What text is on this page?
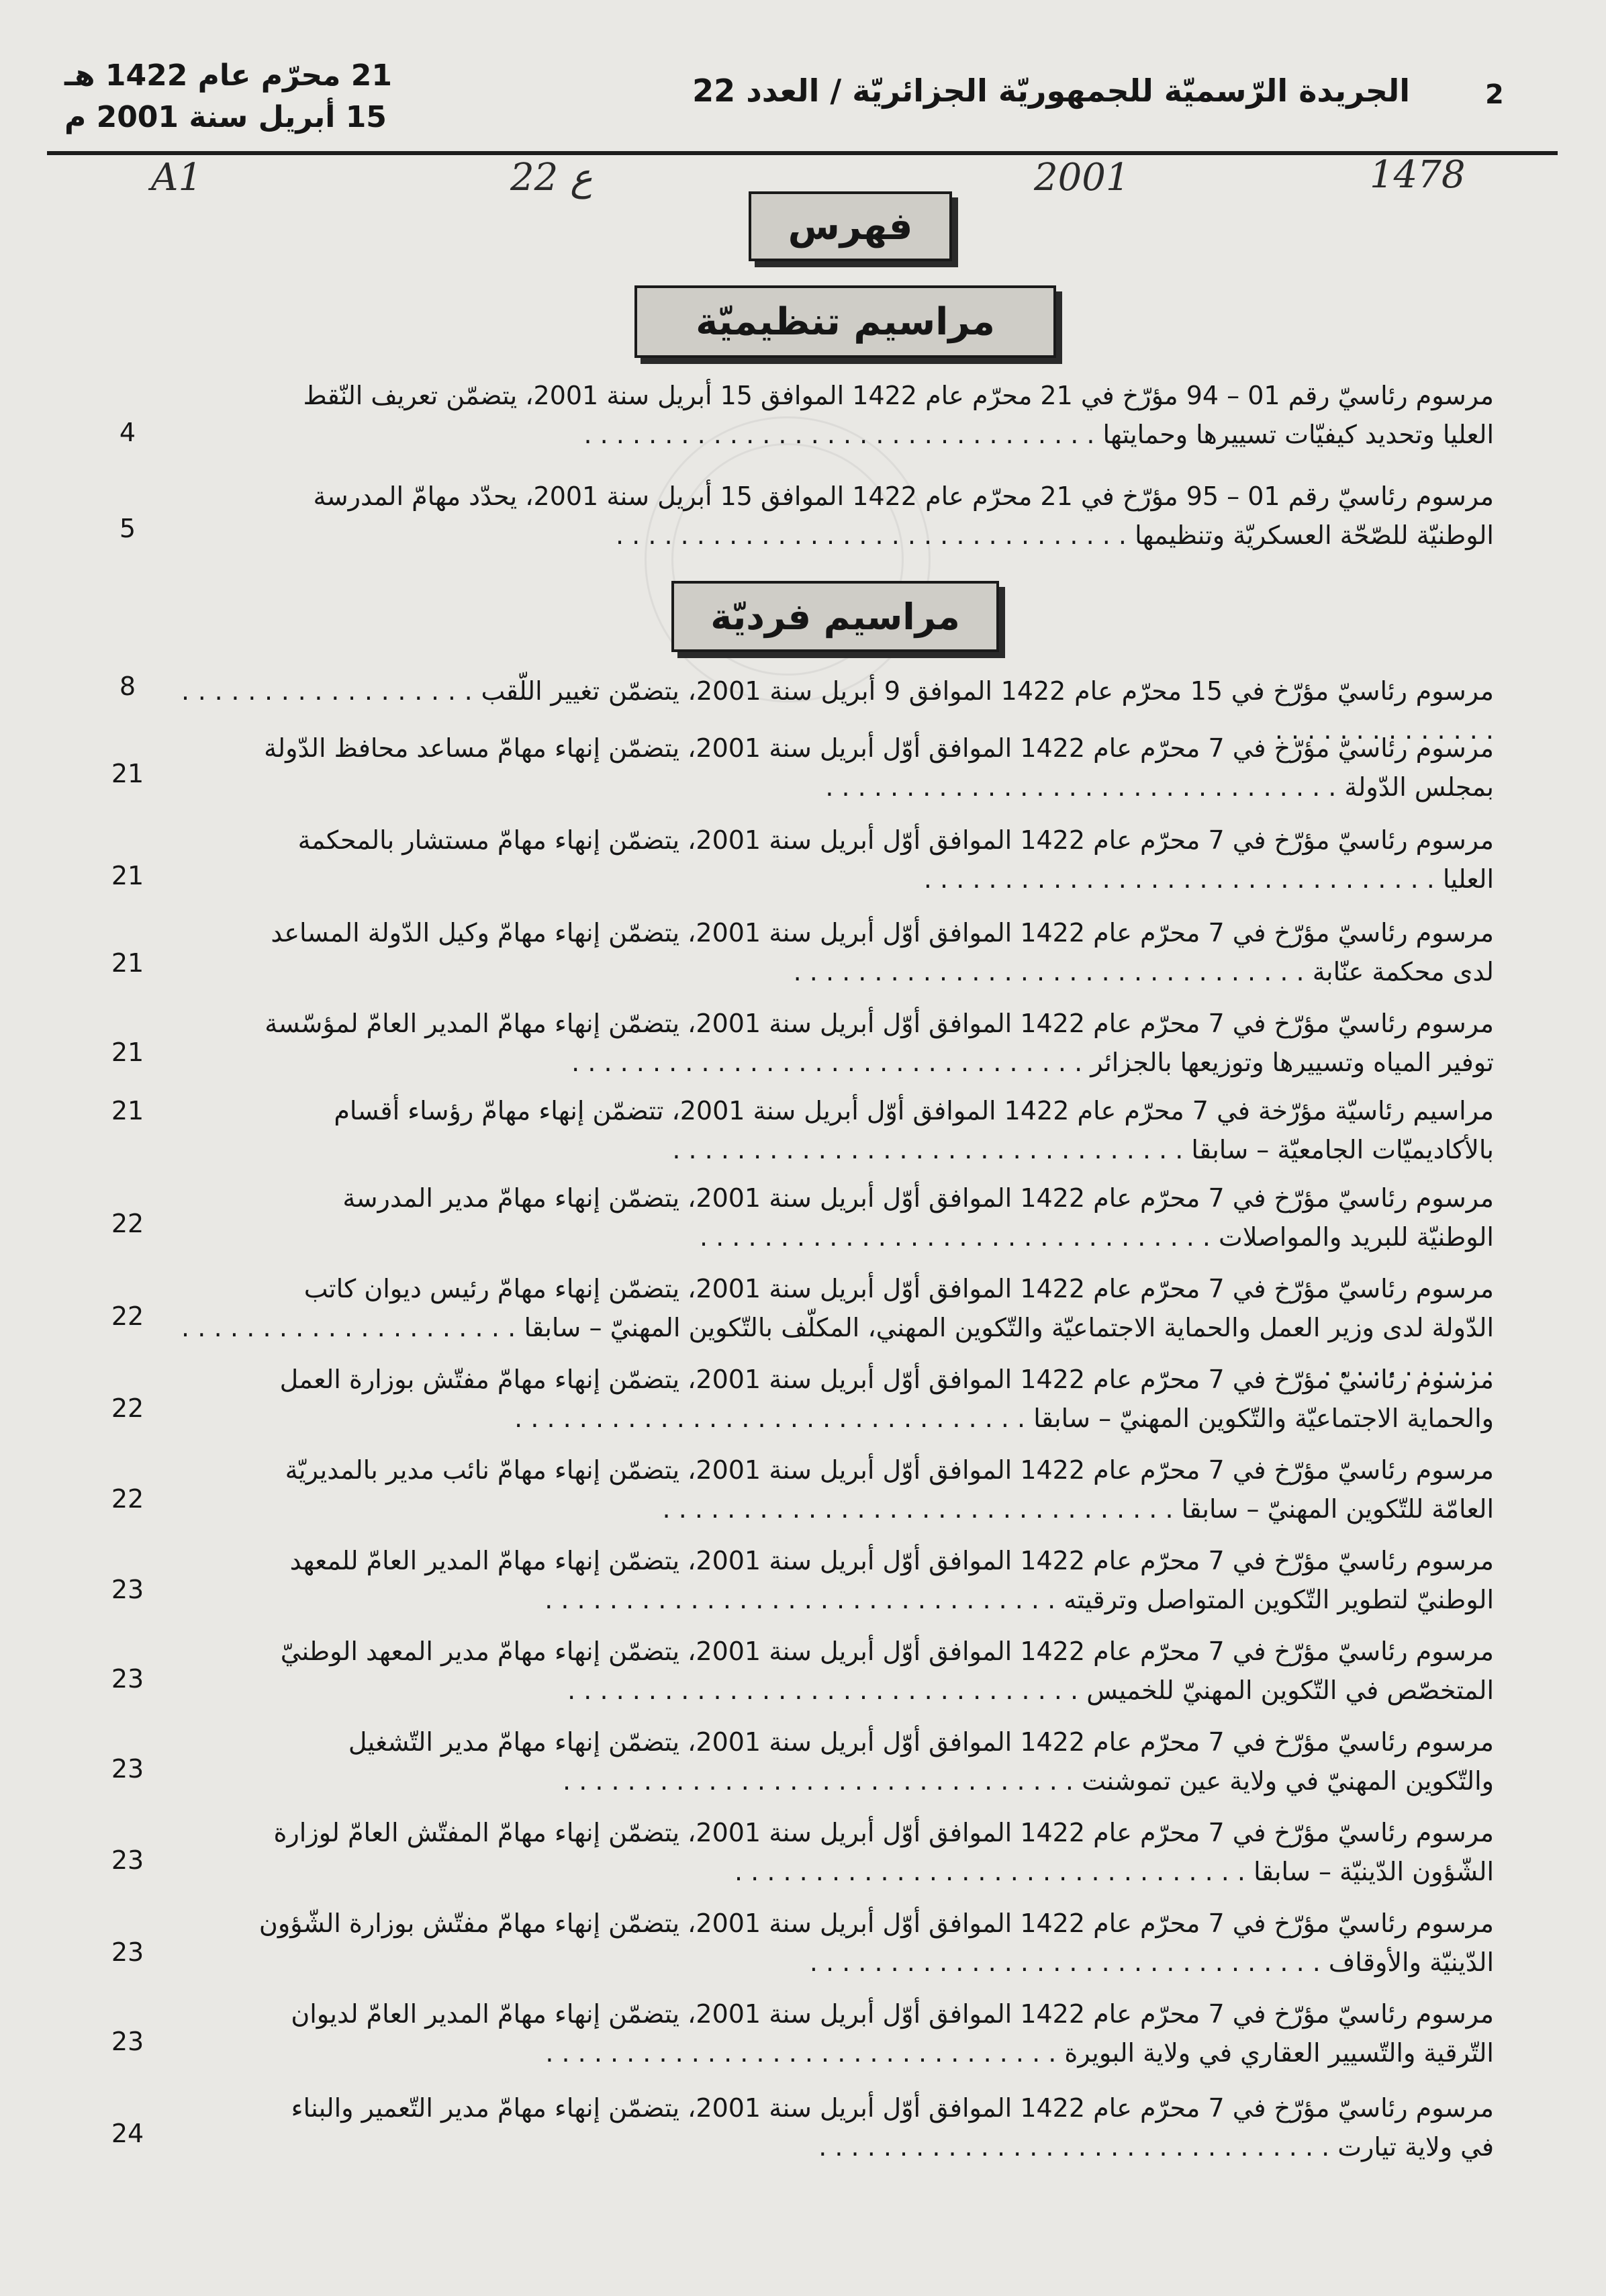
2
الجريدة الرّسميّة للجمهوريّة الجزائريّة / العدد 22
21 محرّم عام 1422 هـ
15 أبريل سنة 2001 م
1478
2001
22 ع
A1
فهرس
مراسيم تنظيميّة
مراسيم فرديّة
مرسوم رئاسيّ رقم 01 – 94 مؤرّخ في 21 محرّم عام 1422 الموافق 15 أبريل سنة 2001، يتضمّن تعريف النّقط
العليا وتحديد كيفيّات تسييرها وحمايتها . . .
4
مرسوم رئاسيّ رقم 01 – 95 مؤرّخ في 21 محرّم عام 1422 الموافق 15 أبريل سنة 2001، يحدّد مهامّ المدرسة
الوطنيّة للصّحّة العسكريّة وتنظيمها . . .
5
مرسوم رئاسيّ مؤرّخ في 15 محرّم عام 1422 الموافق 9 أبريل سنة 2001، يتضمّن تغيير اللّقب . . .
8
مرسوم رئاسيّ مؤرّخ في 7 محرّم عام 1422 الموافق أوّل أبريل سنة 2001، يتضمّن إنهاء مهامّ مساعد محافظ الدّولة
بمجلس الدّولة . . .
21
مرسوم رئاسيّ مؤرّخ في 7 محرّم عام 1422 الموافق أوّل أبريل سنة 2001، يتضمّن إنهاء مهامّ مستشار بالمحكمة
العليا . . .
21
مرسوم رئاسيّ مؤرّخ في 7 محرّم عام 1422 الموافق أوّل أبريل سنة 2001، يتضمّن إنهاء مهامّ وكيل الدّولة المساعد
لدى محكمة عنّابة . . .
21
مرسوم رئاسيّ مؤرّخ في 7 محرّم عام 1422 الموافق أوّل أبريل سنة 2001، يتضمّن إنهاء مهامّ المدير العامّ لمؤسّسة
توفير المياه وتسييرها وتوزيعها بالجزائر . . .
21
مراسيم رئاسيّة مؤرّخة في 7 محرّم عام 1422 الموافق أوّل أبريل سنة 2001، تتضمّن إنهاء مهامّ رؤساء أقسام
بالأكاديميّات الجامعيّة – سابقا . . .
21
مرسوم رئاسيّ مؤرّخ في 7 محرّم عام 1422 الموافق أوّل أبريل سنة 2001، يتضمّن إنهاء مهامّ مدير المدرسة
الوطنيّة للبريد والمواصلات . . .
22
مرسوم رئاسيّ مؤرّخ في 7 محرّم عام 1422 الموافق أوّل أبريل سنة 2001، يتضمّن إنهاء مهامّ رئيس ديوان كاتب
الدّولة لدى وزير العمل والحماية الاجتماعيّة والتّكوين المهني، المكلّف بالتّكوين المهنيّ – سابقا . . .
22
مرسوم رئاسيّ مؤرّخ في 7 محرّم عام 1422 الموافق أوّل أبريل سنة 2001، يتضمّن إنهاء مهامّ مفتّش بوزارة العمل
والحماية الاجتماعيّة والتّكوين المهنيّ – سابقا . . .
22
مرسوم رئاسيّ مؤرّخ في 7 محرّم عام 1422 الموافق أوّل أبريل سنة 2001، يتضمّن إنهاء مهامّ نائب مدير بالمديريّة
العامّة للتّكوين المهنيّ – سابقا . . .
22
مرسوم رئاسيّ مؤرّخ في 7 محرّم عام 1422 الموافق أوّل أبريل سنة 2001، يتضمّن إنهاء مهامّ المدير العامّ للمعهد
الوطنيّ لتطوير التّكوين المتواصل وترقيته . . .
23
مرسوم رئاسيّ مؤرّخ في 7 محرّم عام 1422 الموافق أوّل أبريل سنة 2001، يتضمّن إنهاء مهامّ مدير المعهد الوطنيّ
المتخصّص في التّكوين المهنيّ للخميس . . .
23
مرسوم رئاسيّ مؤرّخ في 7 محرّم عام 1422 الموافق أوّل أبريل سنة 2001، يتضمّن إنهاء مهامّ مدير التّشغيل
والتّكوين المهنيّ في ولاية عين تموشنت . . .
23
مرسوم رئاسيّ مؤرّخ في 7 محرّم عام 1422 الموافق أوّل أبريل سنة 2001، يتضمّن إنهاء مهامّ المفتّش العامّ لوزارة
الشّؤون الدّينيّة – سابقا . . .
23
مرسوم رئاسيّ مؤرّخ في 7 محرّم عام 1422 الموافق أوّل أبريل سنة 2001، يتضمّن إنهاء مهامّ مفتّش بوزارة الشّؤون
الدّينيّة والأوقاف . . .
23
مرسوم رئاسيّ مؤرّخ في 7 محرّم عام 1422 الموافق أوّل أبريل سنة 2001، يتضمّن إنهاء مهامّ المدير العامّ لديوان
التّرقية والتّسيير العقاري في ولاية البويرة . . .
23
مرسوم رئاسيّ مؤرّخ في 7 محرّم عام 1422 الموافق أوّل أبريل سنة 2001، يتضمّن إنهاء مهامّ مدير التّعمير والبناء
في ولاية تيارت . . .
24
